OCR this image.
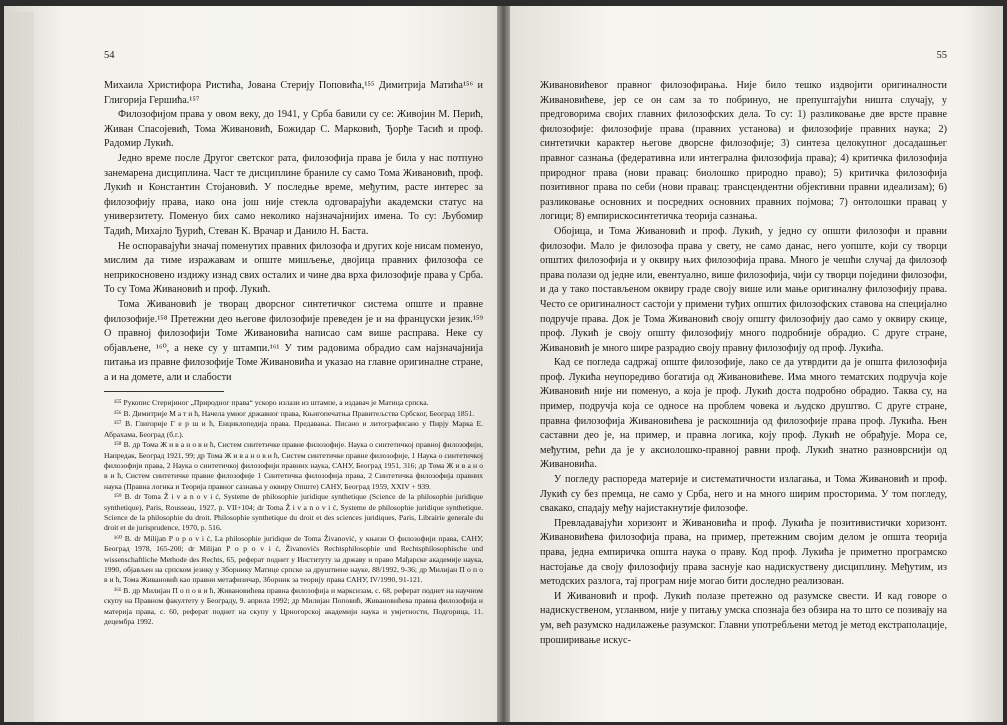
54

Михаила Христифора Ристића, Јована Стерију Поповића,¹⁵⁵ Димитрија Матића¹⁵⁶ и Глигорија Гершића.¹⁵⁷

Филозофијом права у овом веку, до 1941, у Срба бавили су се: Живојин М. Перић, Живан Спасојевић, Тома Живановић, Божидар С. Марковић, Ђорђе Тасић и проф. Радомир Лукић.

Једно време после Другог светског рата, филозофија права је била у нас потпуно занемарена дисциплина. Част те дисциплине браниле су само Тома Живановић, проф. Лукић и Константин Стојановић. У последње време, међутим, расте интерес за филозофију права, иако она још није стекла одговарајући академски статус на универзитету. Поменуо бих само неколико најзначајнијих имена. То су: Љубомир Тадић, Михајло Ђурић, Стеван К. Врачар и Данило Н. Баста.

Не оспоравајући значај поменутих правних филозофа и других које нисам поменуо, мислим да тиме изражавам и опште мишљење, двојица правних филозофа се неприкосновено издижу изнад свих осталих и чине два врха филозофије права у Срба. То су Тома Живановић и проф. Лукић.

Тома Живановић је творац дворсног синтетичког система опште и правне филозофије.¹⁵⁸ Претежни део његове филозофије преведен је и на француски језик.¹⁵⁹ О правној филозофији Томе Живановића написао сам више расправа. Неке су објављене, ¹⁶⁰, а неке су у штампи.¹⁶¹ У тим радовима обрадио сам најзначајнија питања из правне филозофије Томе Живановића и указао на главне оригиналне стране, а и на домете, али и слабости

¹⁵⁵ Рукопис Стеријиног „Природног права“ ускоро излази из штампе, а издавач је Матица српска.

¹⁵⁶ В. Димитрије М а т и ћ, Начела умног државног права, Књигопечатња Правитељства Србског, Београд 1851.

¹⁵⁷ В. Глигорије Г е р ш и ћ, Енциклопедија права. Предавања. Писано и литографисано у Пирју Марка Е. Абрахама, Београд (б.г.).

¹⁵⁸ В. др Тома Ж и в а н о в и ћ, Систем синтетичке правне филозофије. Наука о синтетичкој правној филозофији, Напредак, Београд 1921, 99; др Тома Ж и в а н о в и ћ, Систем синтетичке правне филозофије, 1 Наука о синтетичкој филозофији права, 2 Наука о синтетичкој филозофији правних наука, САНУ, Београд 1951, 316; др Тома Ж и в а н о в и ћ, Систем синтетичке правне филозофије 1 Синтетичка филозофија права, 2 Синтетичка филозофија правних наука (Правна логика и Теорија правног сазнања у оквиру Опште) САНУ, Београд 1959, XXIV + 939.

¹⁵⁹ В. dr Toma Ž i v a n o v i ć, Systeme de philosophie juridique synthetique (Science de la philosophie juridique synthetique), Paris, Rousseau, 1927, p. VII+104; dr Toma Ž i v a n o v i ć, Systeme de philosophie juridique synthetique. Science de la philosophie du droit. Philosophie synthetique du droit et des sciences juridiques, Paris, Librairie generale du droit et de jurisprudence, 1970, p. 516.

¹⁶⁰ В. dr Milijan P o p o v i ć, La philosophie juridique de Toma Živanović, у књизи О филозофији права, САНУ, Београд 1978, 165-200; dr Milijan P o p o v i ć, Živanovićs Rechtsphilosophie und Rechtsphilosophische und wissenschaftliche Methode des Rechts, 65, реферат поднет у Институту за државу и право Мађарске академије наука, 1990, објављен на српском језику у Зборнику Матице српске за друштвене науке, 88/1992, 9-36; др Милијан П о п о в и ћ, Тома Живановић као правни метафизичар, Зборник за теорију права САНУ, IV/1990, 91-121.

¹⁶¹ В. др Милијан П о п о в и ћ, Живановићева правна филозофија и марксизам, с. 68, реферат поднет на научном скупу на Правном факултету у Београду, 9. априла 1992; др Милијан Поповић, Живановићева правна филозофија и материја права, с. 60, реферат поднет на скупу у Црногорској академији наука и умјетности, Подгорица, 11. децембра 1992.

55

Живановићевог правног филозофирања. Није било тешко издвојити оригиналности Живановићеве, јер се он сам за то побринуо, не препуштајући ништа случају, у предговорима својих главних филозофских дела. То су: 1) разликовање две врсте правне филозофије: филозофије права (правних установа) и филозофије правних наука; 2) синтетички карактер његове дворсне филозофије; 3) синтеза целокупног досадашњег правног сазнања (федеративна или интегрална филозофија права); 4) критичка филозофија природног права (нови правац: биолошко природно право); 5) критичка филозофија позитивног права по себи (нови правац: трансцендентни објективни правни идеализам); 6) разликовање основних и посредних основних правних појмова; 7) онтолошки правац у логици; 8) емпирискосинтетичка теорија сазнања.

Обојица, и Тома Живановић и проф. Лукић, у једно су општи филозофи и правни филозофи. Мало је филозофа права у свету, не само данас, него уопште, који су творци општих филозофија и у оквиру њих филозофија права. Много је чешћи случај да филозоф права полази од једне или, евентуално, више филозофија, чији су творци поједини филозофи, и да у тако постављеном оквиру граде своју више или мање оригиналну филозофију права. Често се оригиналност састоји у примени туђих општих филозофских ставова на специјално подручје права. Док је Тома Живановић своју општу филозофију дао само у оквиру скице, проф. Лукић је своју општу филозофију много подробније обрадио. С друге стране, Живановић је много шире разрадио своју правну филозофију од проф. Лукића.

Кад се погледа садржај опште филозофије, лако се да утврдити да је општа филозофија проф. Лукића неупоредиво богатија од Живановићеве. Има много тематских подручја које Живановић није ни поменуо, а која је проф. Лукић доста подробно обрадио. Таква су, на пример, подручја која се односе на проблем човека и људско друштво. С друге стране, правна филозофија Живановићева је раскошнија од филозофије права проф. Лукића. Њен саставни део је, на пример, и правна логика, коју проф. Лукић не обрађује. Мора се, међутим, рећи да је у аксиолошко-правној равни проф. Лукић знатно разноврснији од Живановића.

У погледу распореда материје и систематичности излагања, и Тома Живановић и проф. Лукић су без премца, не само у Срба, него и на много ширим просторима. У том погледу, свакако, спадају међу најистакнутије филозофе.

Превладавајући хоризонт и Живановића и проф. Лукића је позитивистички хоризонт. Живановићева филозофија права, на пример, претежним својим делом је општа теорија права, једна емпиричка општа наука о праву. Код проф. Лукића је приметно програмско настојање да своју филозофију права заснује као надискуствену дисциплину. Међутим, из методских разлога, тај програм није могао бити доследно реализован.

И Живановић и проф. Лукић полазе претежно од разумске свести. И кад говоре о надискуственом, угланвом, није у питању умска спознаја без обзира на то што се позивају на ум, већ разумско надилажење разумског. Главни употребљени метод је метод екстраполације, проширивање искус-
